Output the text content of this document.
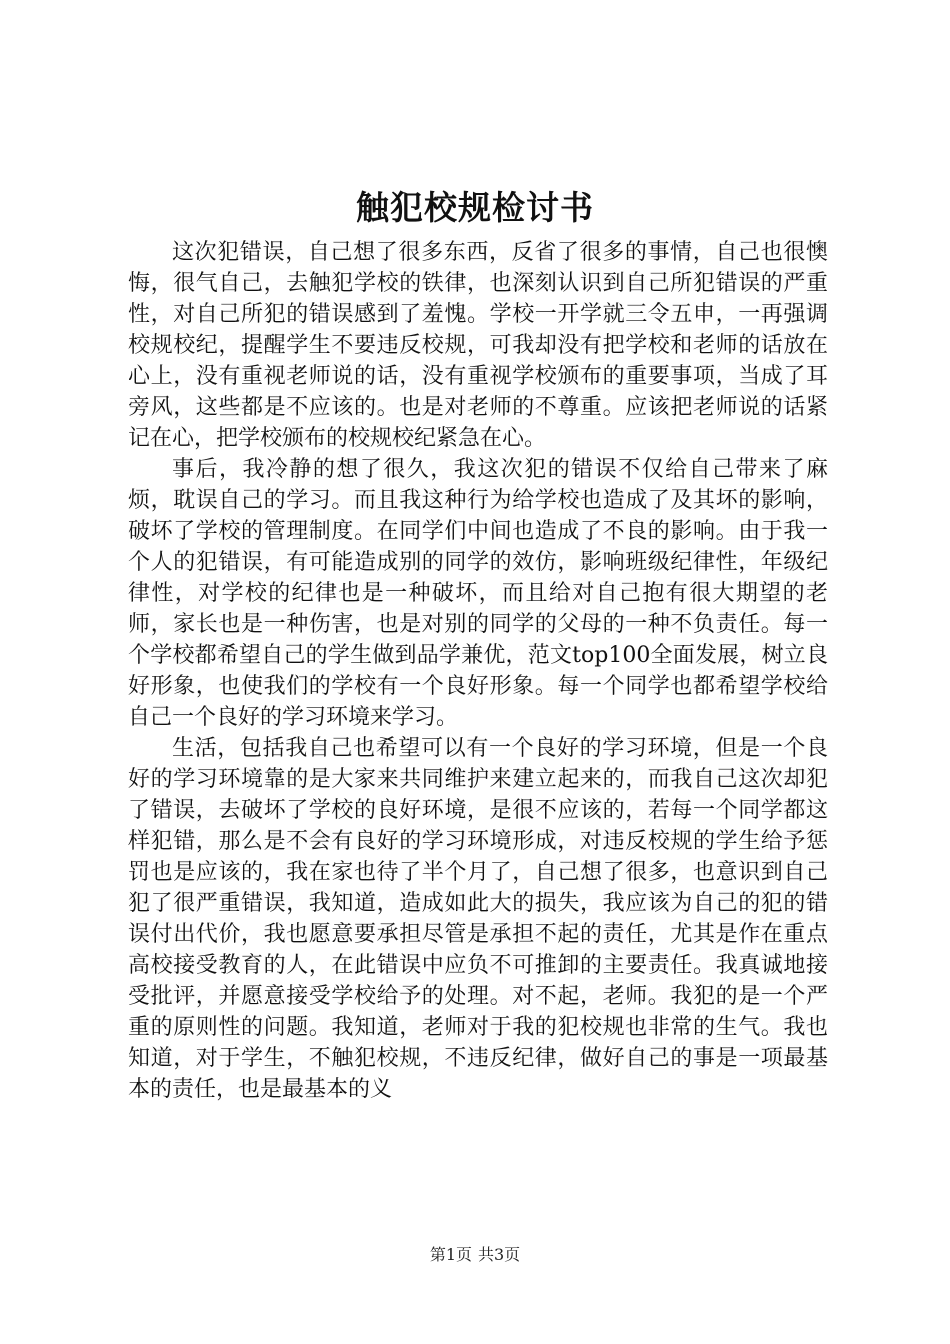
触犯校规检讨书

这次犯错误，自己想了很多东西，反省了很多的事情，自己也很懊悔，很气自己，去触犯学校的铁律，也深刻认识到自己所犯错误的严重性，对自己所犯的错误感到了羞愧。学校一开学就三令五申，一再强调校规校纪，提醒学生不要违反校规，可我却没有把学校和老师的话放在心上，没有重视老师说的话，没有重视学校颁布的重要事项，当成了耳旁风，这些都是不应该的。也是对老师的不尊重。应该把老师说的话紧记在心，把学校颁布的校规校纪紧急在心。

事后，我冷静的想了很久，我这次犯的错误不仅给自己带来了麻烦，耽误自己的学习。而且我这种行为给学校也造成了及其坏的影响，破坏了学校的管理制度。在同学们中间也造成了不良的影响。由于我一个人的犯错误，有可能造成别的同学的效仿，影响班级纪律性，年级纪律性，对学校的纪律也是一种破坏，而且给对自己抱有很大期望的老师，家长也是一种伤害，也是对别的同学的父母的一种不负责任。每一个学校都希望自己的学生做到品学兼优，范文top100全面发展，树立良好形象，也使我们的学校有一个良好形象。每一个同学也都希望学校给自己一个良好的学习环境来学习。

生活，包括我自己也希望可以有一个良好的学习环境，但是一个良好的学习环境靠的是大家来共同维护来建立起来的，而我自己这次却犯了错误，去破坏了学校的良好环境，是很不应该的，若每一个同学都这样犯错，那么是不会有良好的学习环境形成，对违反校规的学生给予惩罚也是应该的，我在家也待了半个月了，自己想了很多，也意识到自己犯了很严重错误，我知道，造成如此大的损失，我应该为自己的犯的错误付出代价，我也愿意要承担尽管是承担不起的责任，尤其是作在重点高校接受教育的人，在此错误中应负不可推卸的主要责任。我真诚地接受批评，并愿意接受学校给予的处理。对不起，老师。我犯的是一个严重的原则性的问题。我知道，老师对于我的犯校规也非常的生气。我也知道，对于学生，不触犯校规，不违反纪律，做好自己的事是一项最基本的责任，也是最基本的义

第1页 共3页
